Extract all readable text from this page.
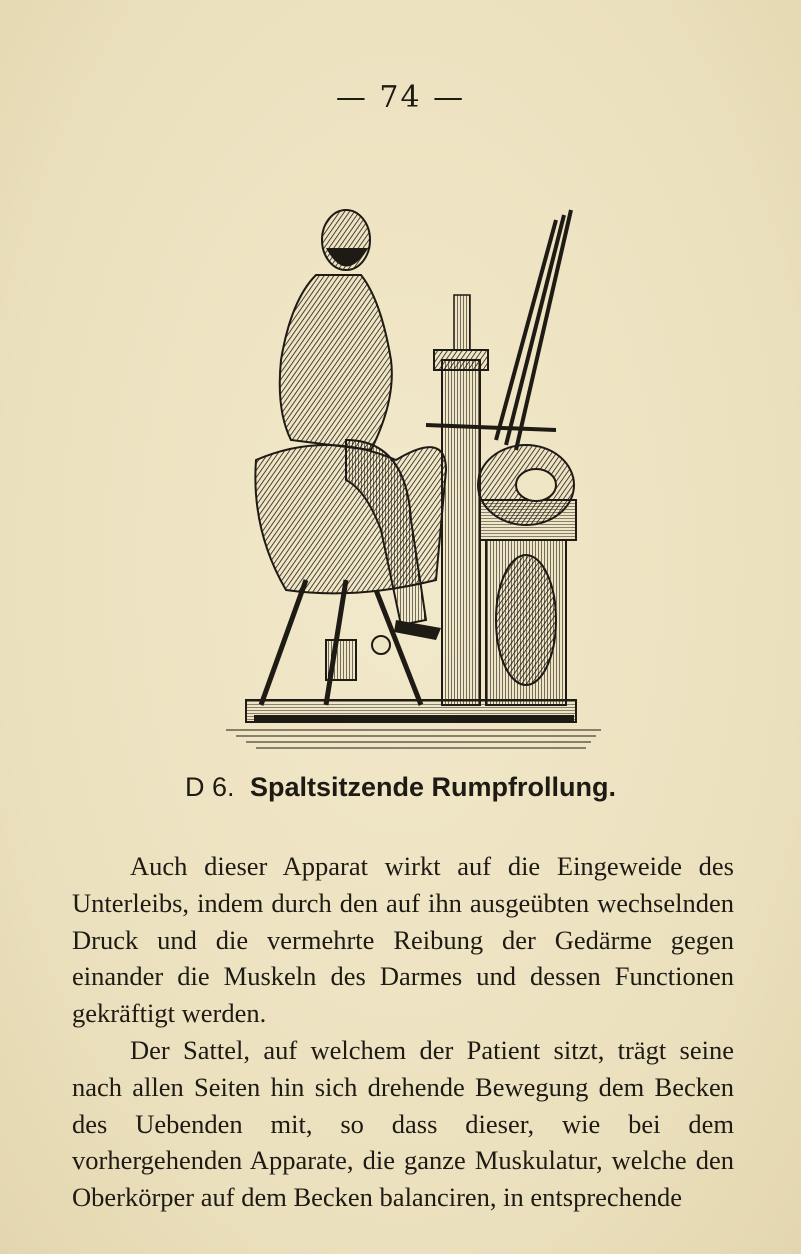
— 74 —
D 6. Spaltsitzende Rumpfrollung.

Auch dieser Apparat wirkt auf die Eingeweide des Unterleibs, indem durch den auf ihn ausgeübten wechselnden Druck und die vermehrte Reibung der Gedärme gegen einander die Muskeln des Darmes und dessen Functionen gekräftigt werden.

Der Sattel, auf welchem der Patient sitzt, trägt seine nach allen Seiten hin sich drehende Bewegung dem Becken des Uebenden mit, so dass dieser, wie bei dem vorhergehenden Apparate, die ganze Muskulatur, welche den Oberkörper auf dem Becken balanciren, in entsprechende
